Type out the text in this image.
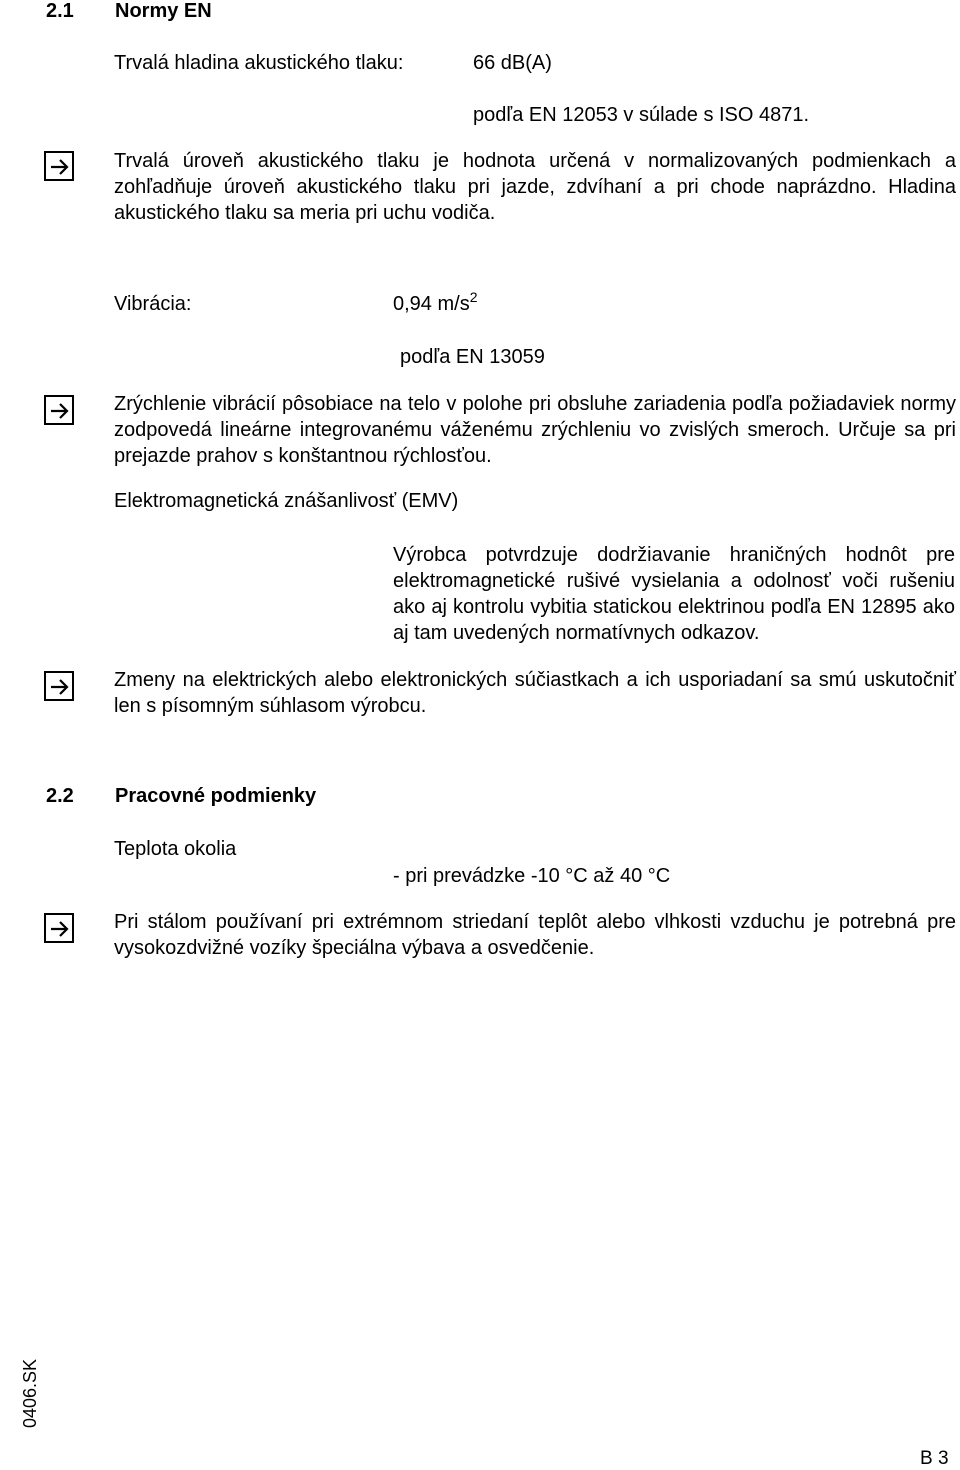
2.1 Normy EN
Trvalá hladina akustického tlaku:	66 dB(A)
podľa EN 12053 v súlade s ISO 4871.
Trvalá úroveň akustického tlaku je hodnota určená v normalizovaných podmienkach a zohľadňuje úroveň akustického tlaku pri jazde, zdvíhaní a pri chode naprázdno. Hladina akustického tlaku sa meria pri uchu vodiča.
Vibrácia:	0,94 $m/s^2$
podľa EN 13059
Zrýchlenie vibrácií pôsobiace na telo v polohe pri obsluhe zariadenia podľa požiadaviek normy zodpovedá lineárne integrovanému váženému zrýchleniu vo zvislých smeroch. Určuje sa pri prejazde prahov s konštantnou rýchlosťou.
Elektromagnetická znášanlivosť (EMV)
Výrobca potvrdzuje dodržiavanie hraničných hodnôt pre elektromagnetické rušivé vysielania a odolnosť voči rušeniu ako aj kontrolu vybitia statickou elektrinou podľa EN 12895 ako aj tam uvedených normatívnych odkazov.
Zmeny na elektrických alebo elektronických súčiastkach a ich usporiadaní sa smú uskutočniť len s písomným súhlasom výrobcu.
2.2 Pracovné podmienky
Teplota okolia
- pri prevádzke -10 °C až 40 °C
Pri stálom používaní pri extrémnom striedaní teplôt alebo vlhkosti vzduchu je potrebná pre vysokozdvižné vozíky špeciálna výbava a osvedčenie.
0406.SK
B 3
